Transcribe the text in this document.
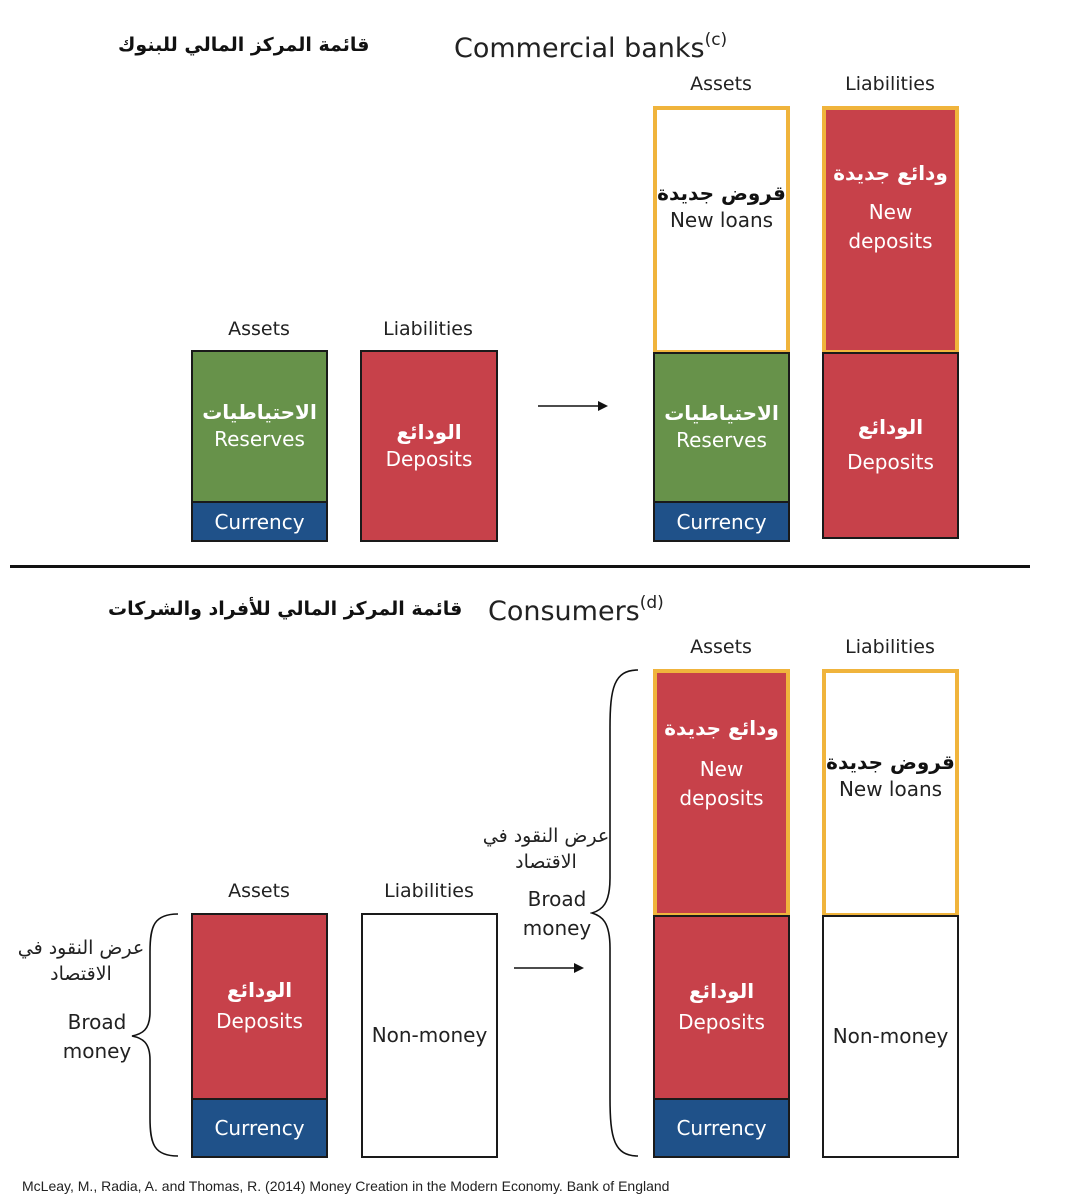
قائمة المركز المالي للبنوك	Commercial banks$^{(c)}$
Assets	Liabilities
الاحتياطيات
Reserves
Currency
الودائع
Deposits
Assets	Liabilities
قروض جديدة
New loans
الاحتياطيات
Reserves
Currency
ودائع جديدة
New
deposits
الودائع
Deposits
قائمة المركز المالي للأفراد والشركات Consumers$^{(d)}$
Assets	Liabilities
عرض النقود في
الاقتصاد
Broad
money
الودائع
Deposits
Currency
Non-money
عرض النقود في
الاقتصاد
Broad
money
Assets	Liabilities
ودائع جديدة
New
deposits
الودائع
Deposits
Currency
قروض جديدة
New loans
Non-money
McLeay, M., Radia, A. and Thomas, R. (2014) Money Creation in the Modern Economy. Bank of England
